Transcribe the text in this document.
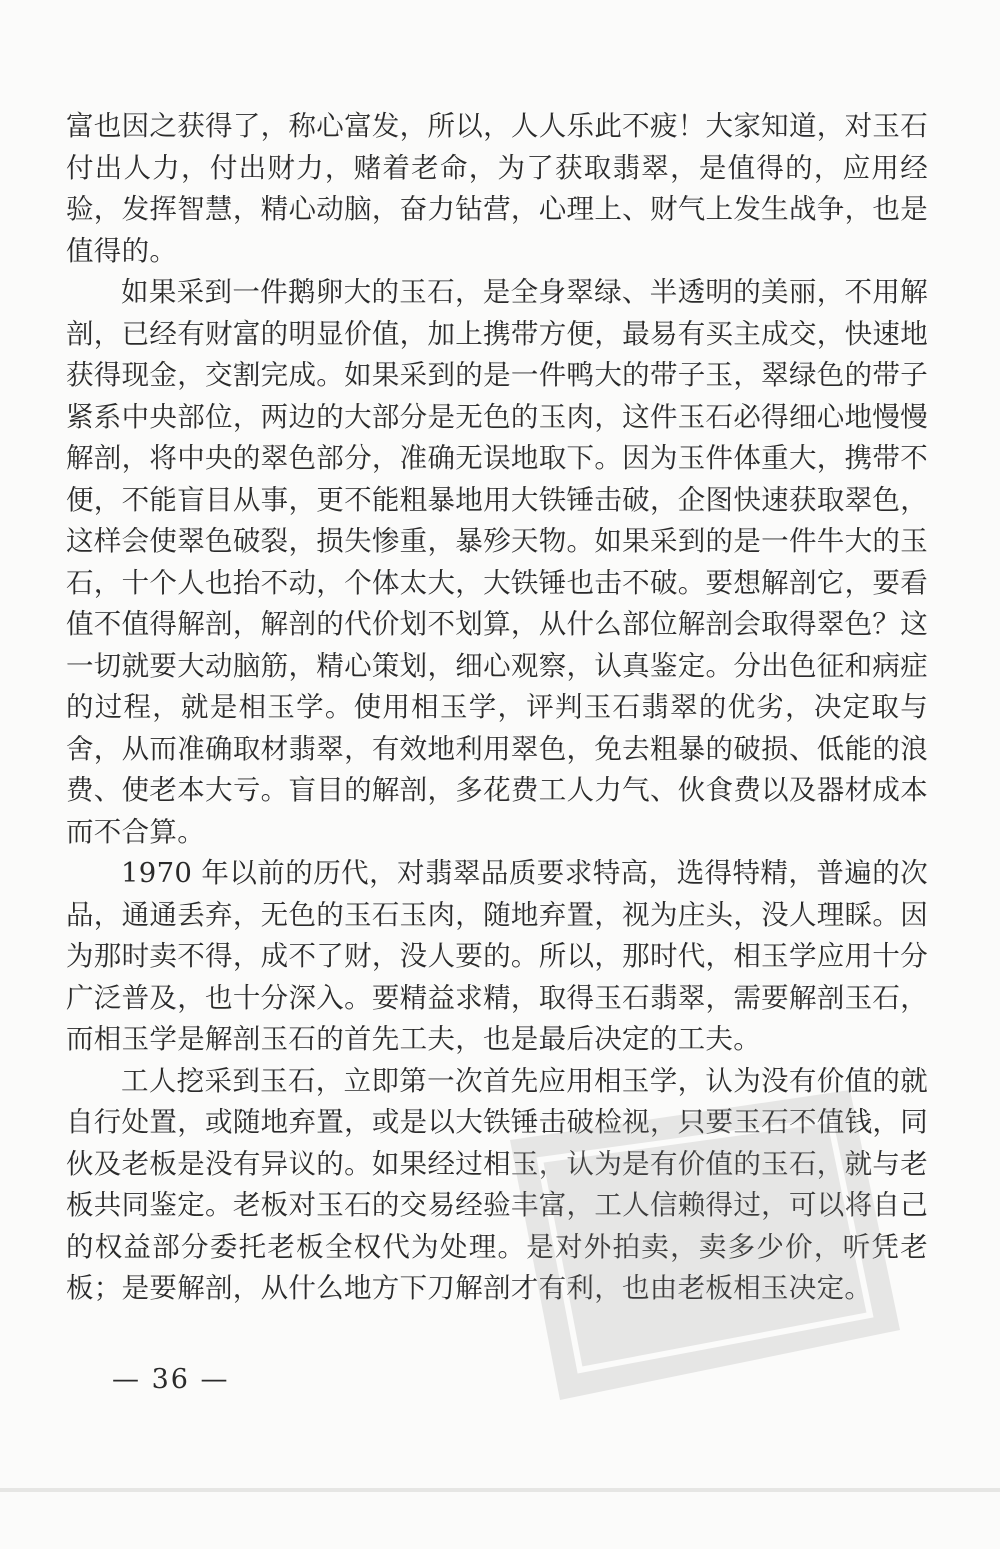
富也因之获得了，称心富发，所以，人人乐此不疲！大家知道，对玉石付出人力，付出财力，赌着老命，为了获取翡翠，是值得的，应用经验，发挥智慧，精心动脑，奋力钻营，心理上、财气上发生战争，也是值得的。

如果采到一件鹅卵大的玉石，是全身翠绿、半透明的美丽，不用解剖，已经有财富的明显价值，加上携带方便，最易有买主成交，快速地获得现金，交割完成。如果采到的是一件鸭大的带子玉，翠绿色的带子紧系中央部位，两边的大部分是无色的玉肉，这件玉石必得细心地慢慢解剖，将中央的翠色部分，准确无误地取下。因为玉件体重大，携带不便，不能盲目从事，更不能粗暴地用大铁锤击破，企图快速获取翠色，这样会使翠色破裂，损失惨重，暴殄天物。如果采到的是一件牛大的玉石，十个人也抬不动，个体太大，大铁锤也击不破。要想解剖它，要看值不值得解剖，解剖的代价划不划算，从什么部位解剖会取得翠色？这一切就要大动脑筋，精心策划，细心观察，认真鉴定。分出色征和病症的过程，就是相玉学。使用相玉学，评判玉石翡翠的优劣，决定取与舍，从而准确取材翡翠，有效地利用翠色，免去粗暴的破损、低能的浪费、使老本大亏。盲目的解剖，多花费工人力气、伙食费以及器材成本而不合算。

1970 年以前的历代，对翡翠品质要求特高，选得特精，普遍的次品，通通丢弃，无色的玉石玉肉，随地弃置，视为庄头，没人理睬。因为那时卖不得，成不了财，没人要的。所以，那时代，相玉学应用十分广泛普及，也十分深入。要精益求精，取得玉石翡翠，需要解剖玉石，而相玉学是解剖玉石的首先工夫，也是最后决定的工夫。

工人挖采到玉石，立即第一次首先应用相玉学，认为没有价值的就自行处置，或随地弃置，或是以大铁锤击破检视，只要玉石不值钱，同伙及老板是没有异议的。如果经过相玉，认为是有价值的玉石，就与老板共同鉴定。老板对玉石的交易经验丰富，工人信赖得过，可以将自己的权益部分委托老板全权代为处理。是对外拍卖，卖多少价，听凭老板；是要解剖，从什么地方下刀解剖才有利，也由老板相玉决定。

— 36 —
